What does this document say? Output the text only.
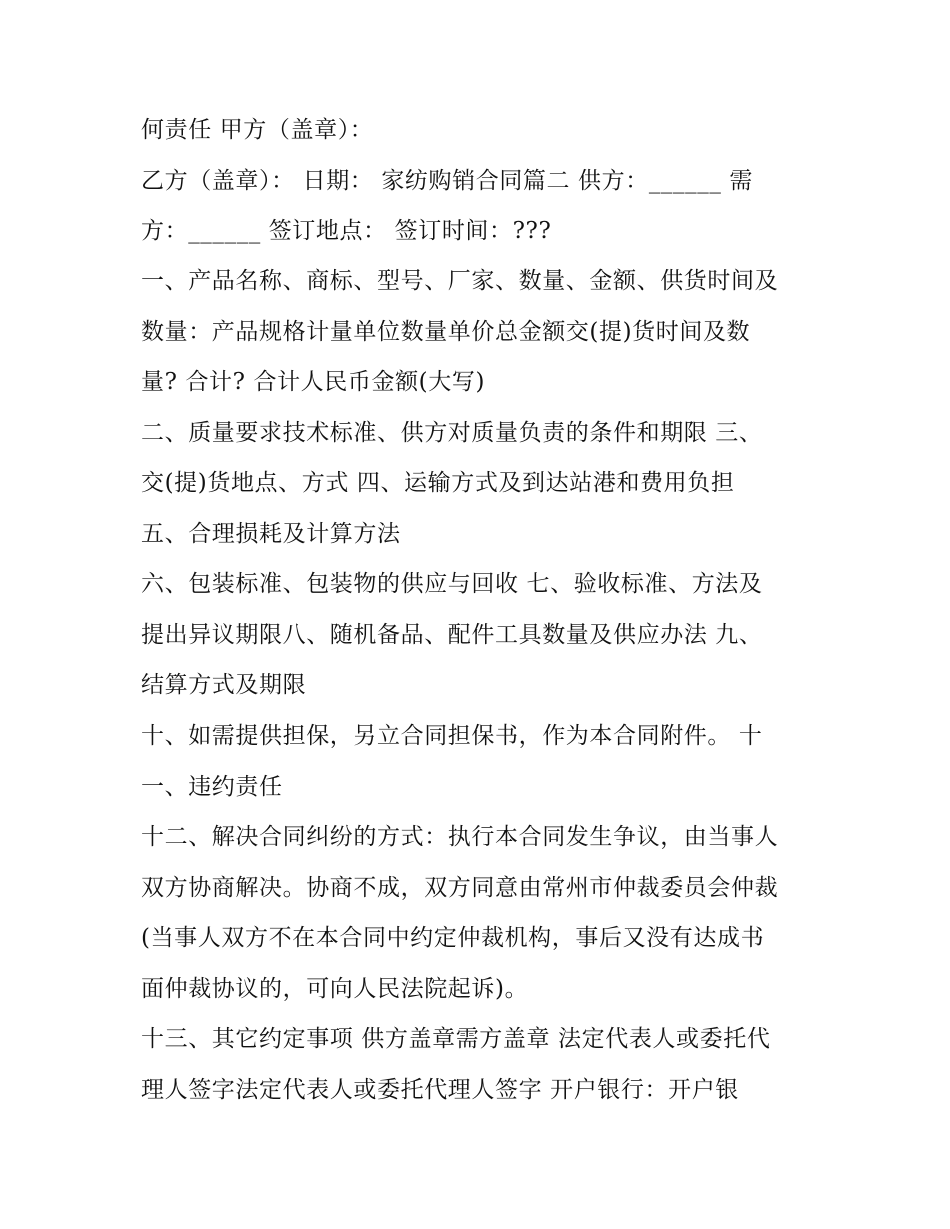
何责任 甲方（盖章）：

乙方（盖章）： 日期： 家纺购销合同篇二 供方：______ 需

方：______ 签订地点： 签订时间：???

一、产品名称、商标、型号、厂家、数量、金额、供货时间及

数量：产品规格计量单位数量单价总金额交(提)货时间及数

量? 合计? 合计人民币金额(大写)

二、质量要求技术标准、供方对质量负责的条件和期限 三、

交(提)货地点、方式 四、运输方式及到达站港和费用负担

五、合理损耗及计算方法

六、包装标准、包装物的供应与回收 七、验收标准、方法及

提出异议期限八、随机备品、配件工具数量及供应办法 九、

结算方式及期限

十、如需提供担保，另立合同担保书，作为本合同附件。 十

一、违约责任

十二、解决合同纠纷的方式：执行本合同发生争议，由当事人

双方协商解决。协商不成，双方同意由常州市仲裁委员会仲裁

(当事人双方不在本合同中约定仲裁机构，事后又没有达成书

面仲裁协议的，可向人民法院起诉)。

十三、其它约定事项 供方盖章需方盖章 法定代表人或委托代

理人签字法定代表人或委托代理人签字 开户银行：开户银
